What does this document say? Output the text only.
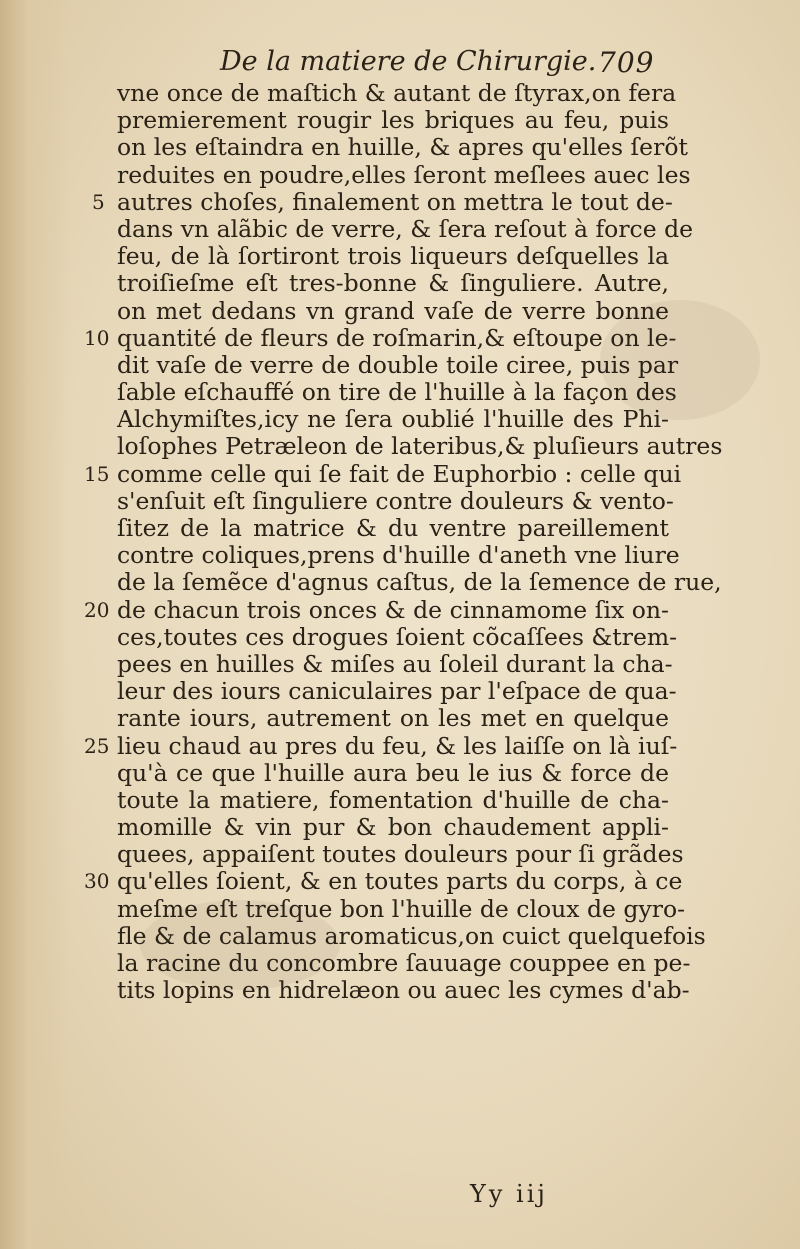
De la matiere de Chirurgie. 709
vne once de maſtich & autant de ſtyrax,on fera
premierement rougir les briques au feu, puis
on les eſtaindra en huille, & apres qu'elles ſerõt
reduites en poudre,elles ſeront meſlees auec les
5 autres choſes, finalement on mettra le tout de-
dans vn alãbic de verre, & ſera reſout à force de
feu, de là ſortiront trois liqueurs deſquelles la
troiſieſme eſt tres-bonne & ſinguliere. Autre,
on met dedans vn grand vaſe de verre bonne
10 quantité de fleurs de roſmarin,& eſtoupe on le-
dit vaſe de verre de double toile ciree, puis par
ſable eſchauffé on tire de l'huille à la façon des
Alchymiſtes,icy ne ſera oublié l'huille des Phi-
loſophes Petræleon de lateribus,& pluſieurs autres
15 comme celle qui ſe fait de Euphorbio : celle qui
s'enſuit eſt ſinguliere contre douleurs & vento-
ſitez de la matrice & du ventre pareillement
contre coliques,prens d'huille d'aneth vne liure
de la ſemẽce d'agnus caſtus, de la ſemence de rue,
20 de chacun trois onces & de cinnamome ſix on-
ces,toutes ces drogues ſoient cõcaſſees &trem-
pees en huilles & miſes au ſoleil durant la cha-
leur des iours caniculaires par l'eſpace de qua-
rante iours, autrement on les met en quelque
25 lieu chaud au pres du feu, & les laiſſe on là iuſ-
qu'à ce que l'huille aura beu le ius & force de
toute la matiere, fomentation d'huille de cha-
momille & vin pur & bon chaudement appli-
quees, appaiſent toutes douleurs pour ſi grãdes
30 qu'elles ſoient, & en toutes parts du corps, à ce
meſme eſt treſque bon l'huille de cloux de gyro-
fle & de calamus aromaticus,on cuict quelquefois
la racine du concombre ſauuage couppee en pe-
tits lopins en hidrelæon ou auec les cymes d'ab-
Yy iij
